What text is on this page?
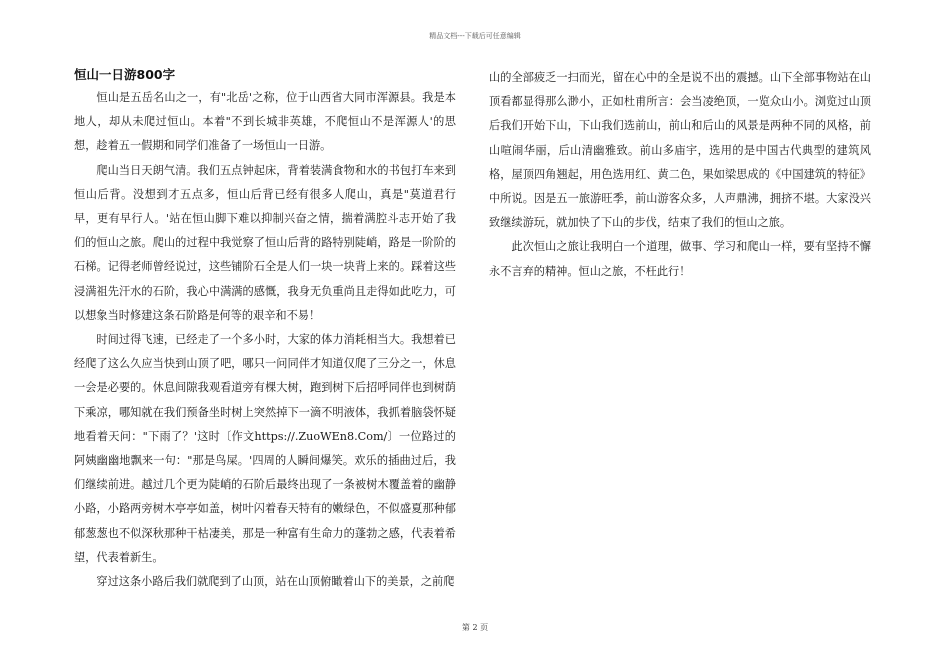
精品文档---下载后可任意编辑
恒山一日游800字

恒山是五岳名山之一，有"北岳'之称，位于山西省大同市浑源县。我是本地人，却从未爬过恒山。本着"不到长城非英雄，不爬恒山不是浑源人'的思想，趁着五一假期和同学们准备了一场恒山一日游。

爬山当日天朗气清。我们五点钟起床，背着装满食物和水的书包打车来到恒山后背。没想到才五点多，恒山后背已经有很多人爬山，真是"莫道君行早，更有早行人。'站在恒山脚下难以抑制兴奋之情，揣着满腔斗志开始了我们的恒山之旅。爬山的过程中我觉察了恒山后背的路特别陡峭，路是一阶阶的石梯。记得老师曾经说过，这些铺阶石全是人们一块一块背上来的。踩着这些浸满祖先汗水的石阶，我心中满满的感慨，我身无负重尚且走得如此吃力，可以想象当时修建这条石阶路是何等的艰辛和不易！

时间过得飞速，已经走了一个多小时，大家的体力消耗相当大。我想着已经爬了这么久应当快到山顶了吧，哪只一问同伴才知道仅爬了三分之一，休息一会是必要的。休息间隙我观看道旁有棵大树，跑到树下后招呼同伴也到树荫下乘凉，哪知就在我们预备坐时树上突然掉下一滴不明液体，我抓着脑袋怀疑地看着天问："下雨了？'这时〔作文https://.ZuoWEn8.Com/〕一位路过的阿姨幽幽地飘来一句："那是鸟屎。'四周的人瞬间爆笑。欢乐的插曲过后，我们继续前进。越过几个更为陡峭的石阶后最终出现了一条被树木覆盖着的幽静小路，小路两旁树木亭亭如盖，树叶闪着春天特有的嫩绿色，不似盛夏那种郁郁葱葱也不似深秋那种干枯凄美，那是一种富有生命力的蓬勃之感，代表着希望，代表着新生。

穿过这条小路后我们就爬到了山顶，站在山顶俯瞰着山下的美景，之前爬

山的全部疲乏一扫而光，留在心中的全是说不出的震撼。山下全部事物站在山顶看都显得那么渺小，正如杜甫所言：会当凌绝顶，一览众山小。浏览过山顶后我们开始下山，下山我们选前山，前山和后山的风景是两种不同的风格，前山喧闹华丽，后山清幽雅致。前山多庙宇，选用的是中国古代典型的建筑风格，屋顶四角翘起，用色选用红、黄二色，果如梁思成的《中国建筑的特征》中所说。因是五一旅游旺季，前山游客众多，人声鼎沸，拥挤不堪。大家没兴致继续游玩，就加快了下山的步伐，结束了我们的恒山之旅。

此次恒山之旅让我明白一个道理，做事、学习和爬山一样，要有坚持不懈永不言弃的精神。恒山之旅，不枉此行！

第 2 页
